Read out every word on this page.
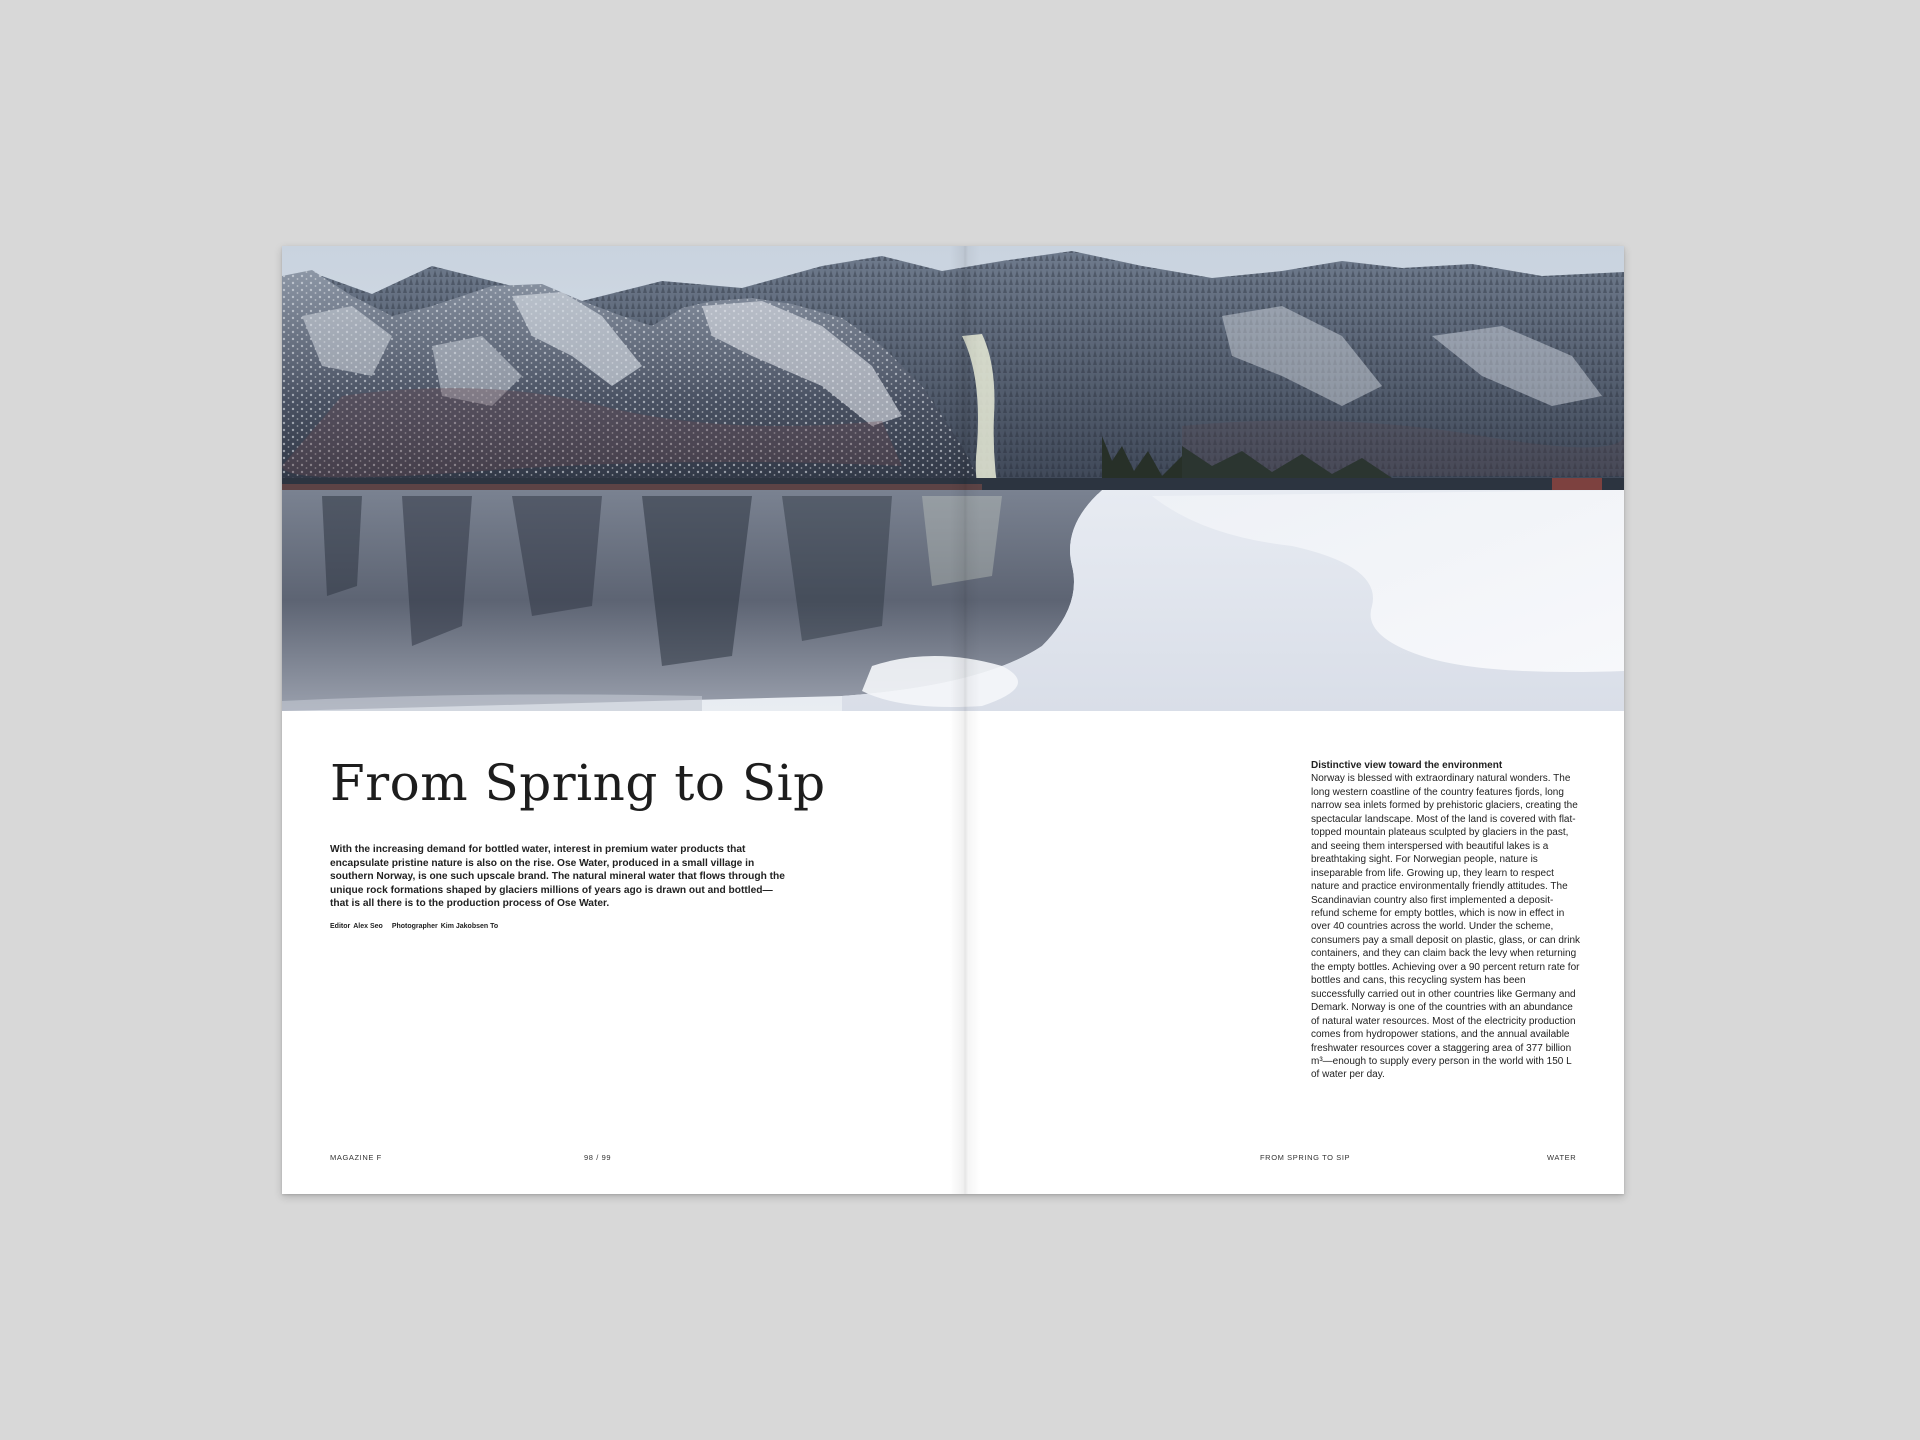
From Spring to Sip

With the increasing demand for bottled water, interest in premium water products that encapsulate pristine nature is also on the rise. Ose Water, produced in a small village in southern Norway, is one such upscale brand. The natural mineral water that flows through the unique rock formations shaped by glaciers millions of years ago is drawn out and bottled—that is all there is to the production process of Ose Water.

Editor Alex Seo Photographer Kim Jakobsen To

Distinctive view toward the environment

Norway is blessed with extraordinary natural wonders. The long western coastline of the country features fjords, long narrow sea inlets formed by prehistoric glaciers, creating the spectacular landscape. Most of the land is covered with flat-topped mountain plateaus sculpted by glaciers in the past, and seeing them interspersed with beautiful lakes is a breathtaking sight. For Norwegian people, nature is inseparable from life. Growing up, they learn to respect nature and practice environmentally friendly attitudes. The Scandinavian country also first implemented a deposit-refund scheme for empty bottles, which is now in effect in over 40 countries across the world. Under the scheme, consumers pay a small deposit on plastic, glass, or can drink containers, and they can claim back the levy when returning the empty bottles. Achieving over a 90 percent return rate for bottles and cans, this recycling system has been successfully carried out in other countries like Germany and Demark. Norway is one of the countries with an abundance of natural water resources. Most of the electricity production comes from hydropower stations, and the annual available freshwater resources cover a staggering area of 377 billion m³—enough to supply every person in the world with 150 L of water per day.

MAGAZINE F	98 / 99	FROM SPRING TO SIP	WATER
